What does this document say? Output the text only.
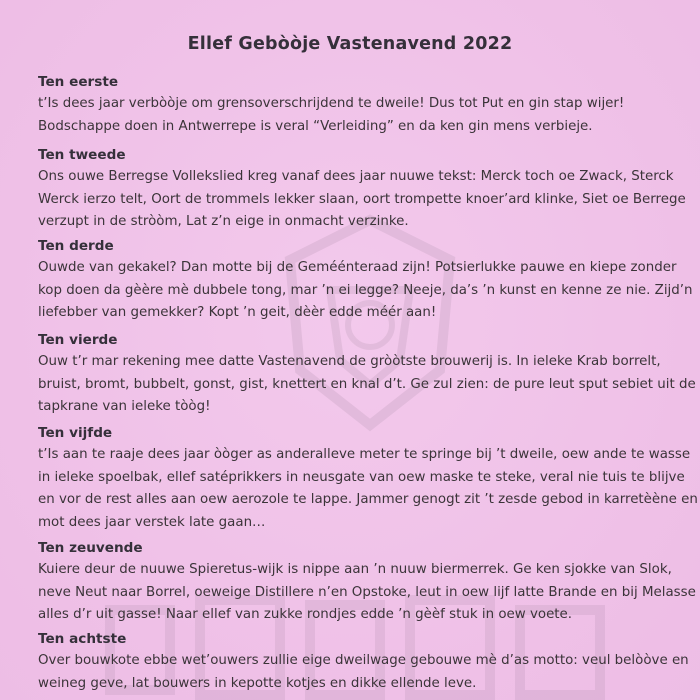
Ellef Gebòòje Vastenavend 2022
Ten eerste
t’Is dees jaar verbòòje om grensoverschrijdend te dweile! Dus tot Put en gin stap wijer!
Bodschappe doen in Antwerrepe is veral “Verleiding” en da ken gin mens verbieje.
Ten tweede
Ons ouwe Berregse Vollekslied kreg vanaf dees jaar nuuwe tekst: Merck toch oe Zwack, Sterck
Werck ierzo telt, Oort de trommels lekker slaan, oort trompette knoer’ard klinke, Siet oe Berrege
verzupt in de stròòm, Lat z’n eige in onmacht verzinke.
Ten derde
Ouwde van gekakel? Dan motte bij de Geméénteraad zijn! Potsierlukke pauwe en kiepe zonder
kop doen da gèère mè dubbele tong, mar ’n ei legge? Neeje, da’s ’n kunst en kenne ze nie. Zijd’n
liefebber van gemekker? Kopt ’n geit, dèèr edde méér aan!
Ten vierde
Ouw t’r mar rekening mee datte Vastenavend de gròòtste brouwerij is. In ieleke Krab borrelt,
bruist, bromt, bubbelt, gonst, gist, knettert en knal d’t. Ge zul zien: de pure leut sput sebiet uit de
tapkrane van ieleke tòòg!
Ten vijfde
t’Is aan te raaje dees jaar òòger as anderalleve meter te springe bij ’t dweile, oew ande te wasse
in ieleke spoelbak, ellef satéprikkers in neusgate van oew maske te steke, veral nie tuis te blijve
en vor de rest alles aan oew aerozole te lappe. Jammer genogt zit ’t zesde gebod in karretèène en
mot dees jaar verstek late gaan…
Ten zeuvende
Kuiere deur de nuuwe Spieretus-wijk is nippe aan ’n nuuw biermerrek. Ge ken sjokke van Slok,
neve Neut naar Borrel, oeweige Distillere n’en Opstoke, leut in oew lijf latte Brande en bij Melasse
alles d’r uit gasse! Naar ellef van zukke rondjes edde ’n gèèf stuk in oew voete.
Ten achtste
Over bouwkote ebbe wet’ouwers zullie eige dweilwage gebouwe mè d’as motto: veul belòòve en
weineg geve, lat bouwers in kepotte kotjes en dikke ellende leve.
